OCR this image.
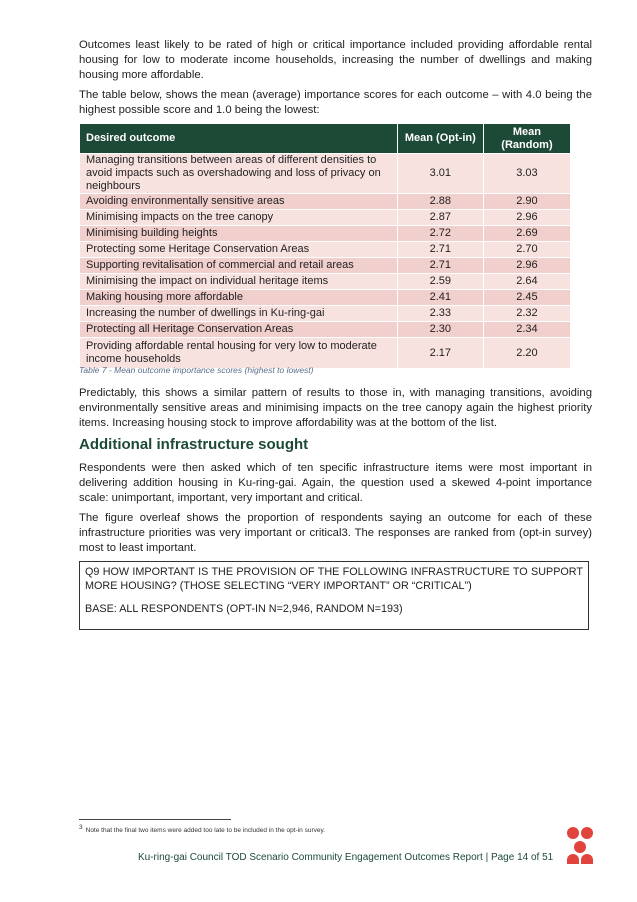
Outcomes least likely to be rated of high or critical importance included providing affordable rental housing for low to moderate income households, increasing the number of dwellings and making housing more affordable.

The table below, shows the mean (average) importance scores for each outcome – with 4.0 being the highest possible score and 1.0 being the lowest:

Desired outcome	Mean (Opt-in)	Mean (Random)
Managing transitions between areas of different densities to avoid impacts such as overshadowing and loss of privacy on neighbours	3.01	3.03
Avoiding environmentally sensitive areas	2.88	2.90
Minimising impacts on the tree canopy	2.87	2.96
Minimising building heights	2.72	2.69
Protecting some Heritage Conservation Areas	2.71	2.70
Supporting revitalisation of commercial and retail areas	2.71	2.96
Minimising the impact on individual heritage items	2.59	2.64
Making housing more affordable	2.41	2.45
Increasing the number of dwellings in Ku-ring-gai	2.33	2.32
Protecting all Heritage Conservation Areas	2.30	2.34
Providing affordable rental housing for very low to moderate income households	2.17	2.20
Table 7 - Mean outcome importance scores (highest to lowest)

Predictably, this shows a similar pattern of results to those in, with managing transitions, avoiding environmentally sensitive areas and minimising impacts on the tree canopy again the highest priority items. Increasing housing stock to improve affordability was at the bottom of the list.

Additional infrastructure sought

Respondents were then asked which of ten specific infrastructure items were most important in delivering addition housing in Ku-ring-gai. Again, the question used a skewed 4-point importance scale: unimportant, important, very important and critical.

The figure overleaf shows the proportion of respondents saying an outcome for each of these infrastructure priorities was very important or critical3. The responses are ranked from (opt-in survey) most to least important.

Q9 HOW IMPORTANT IS THE PROVISION OF THE FOLLOWING INFRASTRUCTURE TO SUPPORT MORE HOUSING? (THOSE SELECTING “VERY IMPORTANT” OR “CRITICAL”)

BASE: ALL RESPONDENTS (OPT-IN N=2,946, RANDOM N=193)

$^3$ Note that the final two items were added too late to be included in the opt-in survey.
Ku-ring-gai Council TOD Scenario Community Engagement Outcomes Report | Page 14 of 51
